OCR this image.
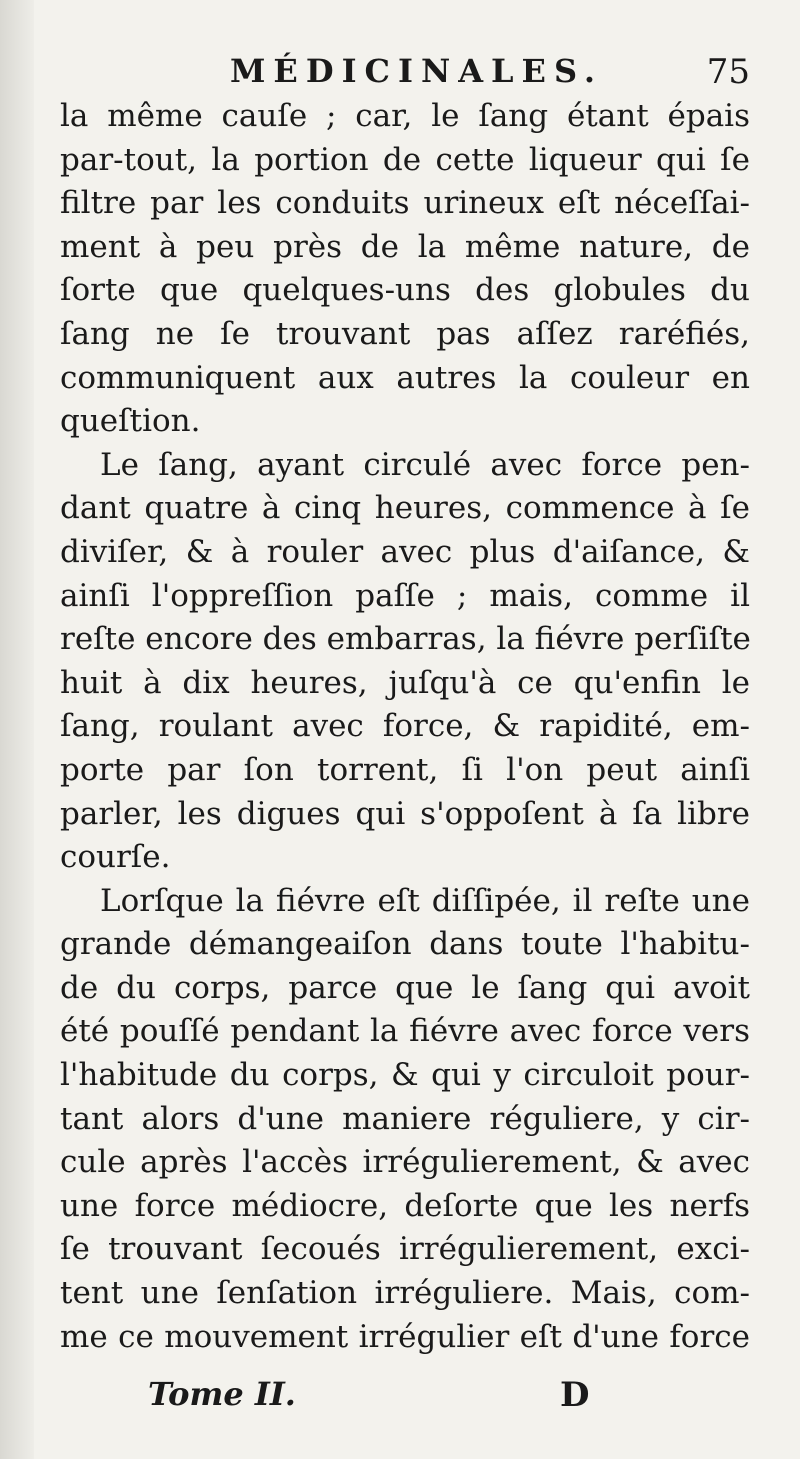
MÉDICINALES.	75
la même cauſe ; car, le ſang étant épais
par-tout, la portion de cette liqueur qui ſe
filtre par les conduits urineux eſt néceſſai-
ment à peu près de la même nature, de
ſorte que quelques-uns des globules du
ſang ne ſe trouvant pas aſſez raréfiés,
communiquent aux autres la couleur en
queſtion.
Le ſang, ayant circulé avec force pen-
dant quatre à cinq heures, commence à ſe
diviſer, & à rouler avec plus d'aiſance, &
ainſi l'oppreſſion paſſe ; mais, comme il
reſte encore des embarras, la fiévre perſiſte
huit à dix heures, juſqu'à ce qu'enfin le
ſang, roulant avec force, & rapidité, em-
porte par ſon torrent, ſi l'on peut ainſi
parler, les digues qui s'oppoſent à ſa libre
courſe.
Lorſque la fiévre eſt diſſipée, il reſte une
grande démangeaiſon dans toute l'habitu-
de du corps, parce que le ſang qui avoit
été pouſſé pendant la fiévre avec force vers
l'habitude du corps, & qui y circuloit pour-
tant alors d'une maniere réguliere, y cir-
cule après l'accès irrégulierement, & avec
une force médiocre, deſorte que les nerfs
ſe trouvant ſecoués irrégulierement, exci-
tent une ſenſation irréguliere. Mais, com-
me ce mouvement irrégulier eſt d'une force
Tome II.	D
